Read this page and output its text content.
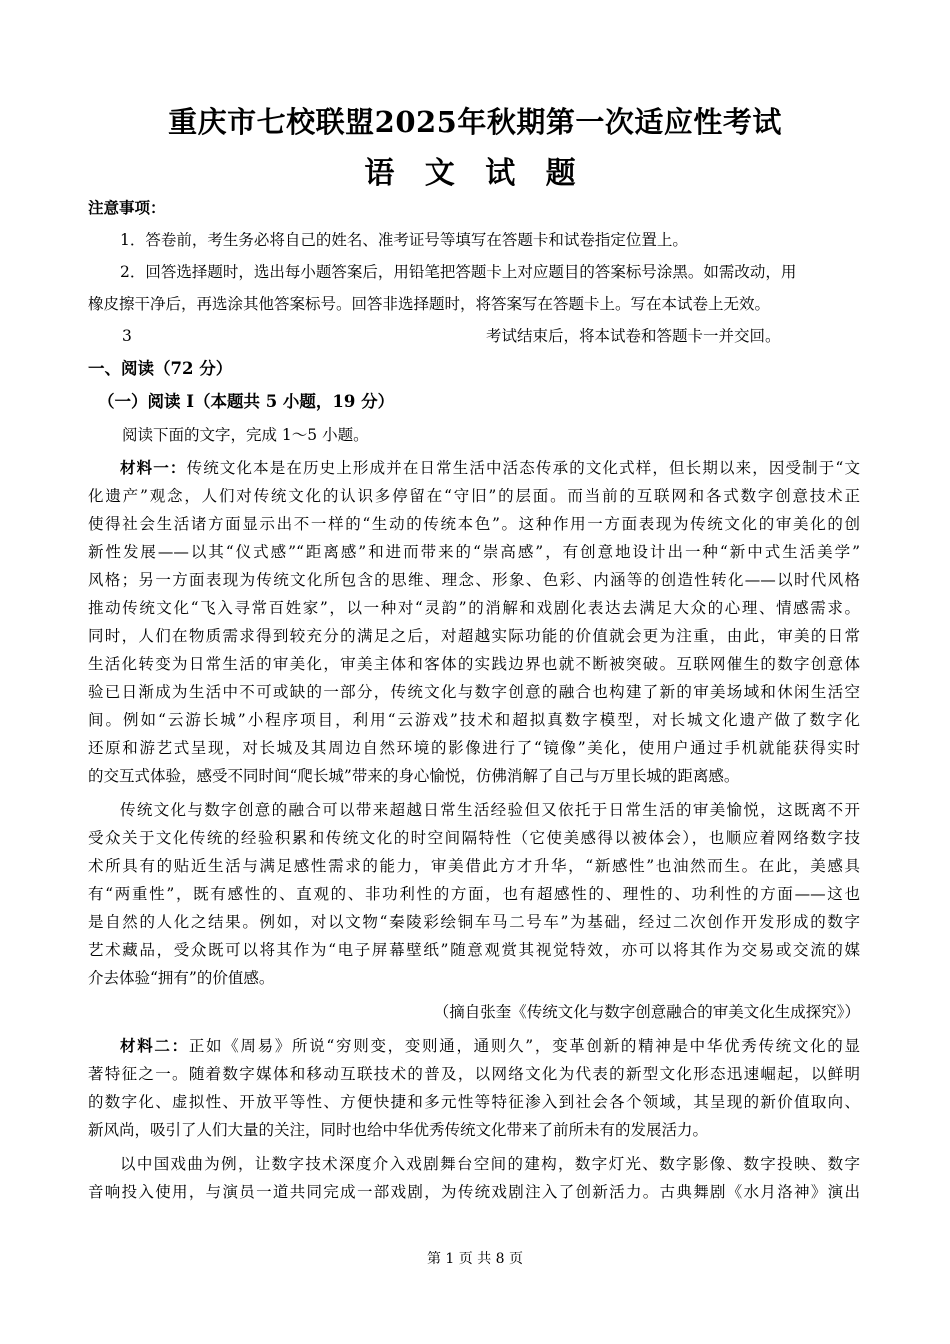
重庆市七校联盟2025年秋期第一次适应性考试
语 文 试 题
注意事项：
1．答卷前，考生务必将自己的姓名、准考证号等填写在答题卡和试卷指定位置上。
2．回答选择题时，选出每小题答案后，用铅笔把答题卡上对应题目的答案标号涂黑。如需改动，用
橡皮擦干净后，再选涂其他答案标号。回答非选择题时，将答案写在答题卡上。写在本试卷上无效。
3	考试结束后，将本试卷和答题卡一并交回。
一、阅读（72 分）
（一）阅读 I（本题共 5 小题，19 分）
阅读下面的文字，完成 1～5 小题。
材料一：传统文化本是在历史上形成并在日常生活中活态传承的文化式样，但长期以来，因受制于“文
化遗产”观念，人们对传统文化的认识多停留在“守旧”的层面。而当前的互联网和各式数字创意技术正
使得社会生活诸方面显示出不一样的“生动的传统本色”。这种作用一方面表现为传统文化的审美化的创
新性发展——以其“仪式感”“距离感”和进而带来的“崇高感”，有创意地设计出一种“新中式生活美学”
风格；另一方面表现为传统文化所包含的思维、理念、形象、色彩、内涵等的创造性转化——以时代风格
推动传统文化“飞入寻常百姓家”，以一种对“灵韵”的消解和戏剧化表达去满足大众的心理、情感需求。
同时，人们在物质需求得到较充分的满足之后，对超越实际功能的价值就会更为注重，由此，审美的日常
生活化转变为日常生活的审美化，审美主体和客体的实践边界也就不断被突破。互联网催生的数字创意体
验已日渐成为生活中不可或缺的一部分，传统文化与数字创意的融合也构建了新的审美场域和休闲生活空
间。例如“云游长城”小程序项目，利用“云游戏”技术和超拟真数字模型，对长城文化遗产做了数字化
还原和游艺式呈现，对长城及其周边自然环境的影像进行了“镜像”美化，使用户通过手机就能获得实时
的交互式体验，感受不同时间“爬长城”带来的身心愉悦，仿佛消解了自己与万里长城的距离感。
传统文化与数字创意的融合可以带来超越日常生活经验但又依托于日常生活的审美愉悦，这既离不开
受众关于文化传统的经验积累和传统文化的时空间隔特性（它使美感得以被体会），也顺应着网络数字技
术所具有的贴近生活与满足感性需求的能力，审美借此方才升华，“新感性”也油然而生。在此，美感具
有“两重性”，既有感性的、直观的、非功利性的方面，也有超感性的、理性的、功利性的方面——这也
是自然的人化之结果。例如，对以文物“秦陵彩绘铜车马二号车”为基础，经过二次创作开发形成的数字
艺术藏品，受众既可以将其作为“电子屏幕壁纸”随意观赏其视觉特效，亦可以将其作为交易或交流的媒
介去体验“拥有”的价值感。
（摘自张奎《传统文化与数字创意融合的审美文化生成探究》）
材料二：正如《周易》所说“穷则变，变则通，通则久”，变革创新的精神是中华优秀传统文化的显
著特征之一。随着数字媒体和移动互联技术的普及，以网络文化为代表的新型文化形态迅速崛起，以鲜明
的数字化、虚拟性、开放平等性、方便快捷和多元性等特征渗入到社会各个领域，其呈现的新价值取向、
新风尚，吸引了人们大量的关注，同时也给中华优秀传统文化带来了前所未有的发展活力。
以中国戏曲为例，让数字技术深度介入戏剧舞台空间的建构，数字灯光、数字影像、数字投映、数字
音响投入使用，与演员一道共同完成一部戏剧，为传统戏剧注入了创新活力。古典舞剧《水月洛神》演出
第 1 页 共 8 页
